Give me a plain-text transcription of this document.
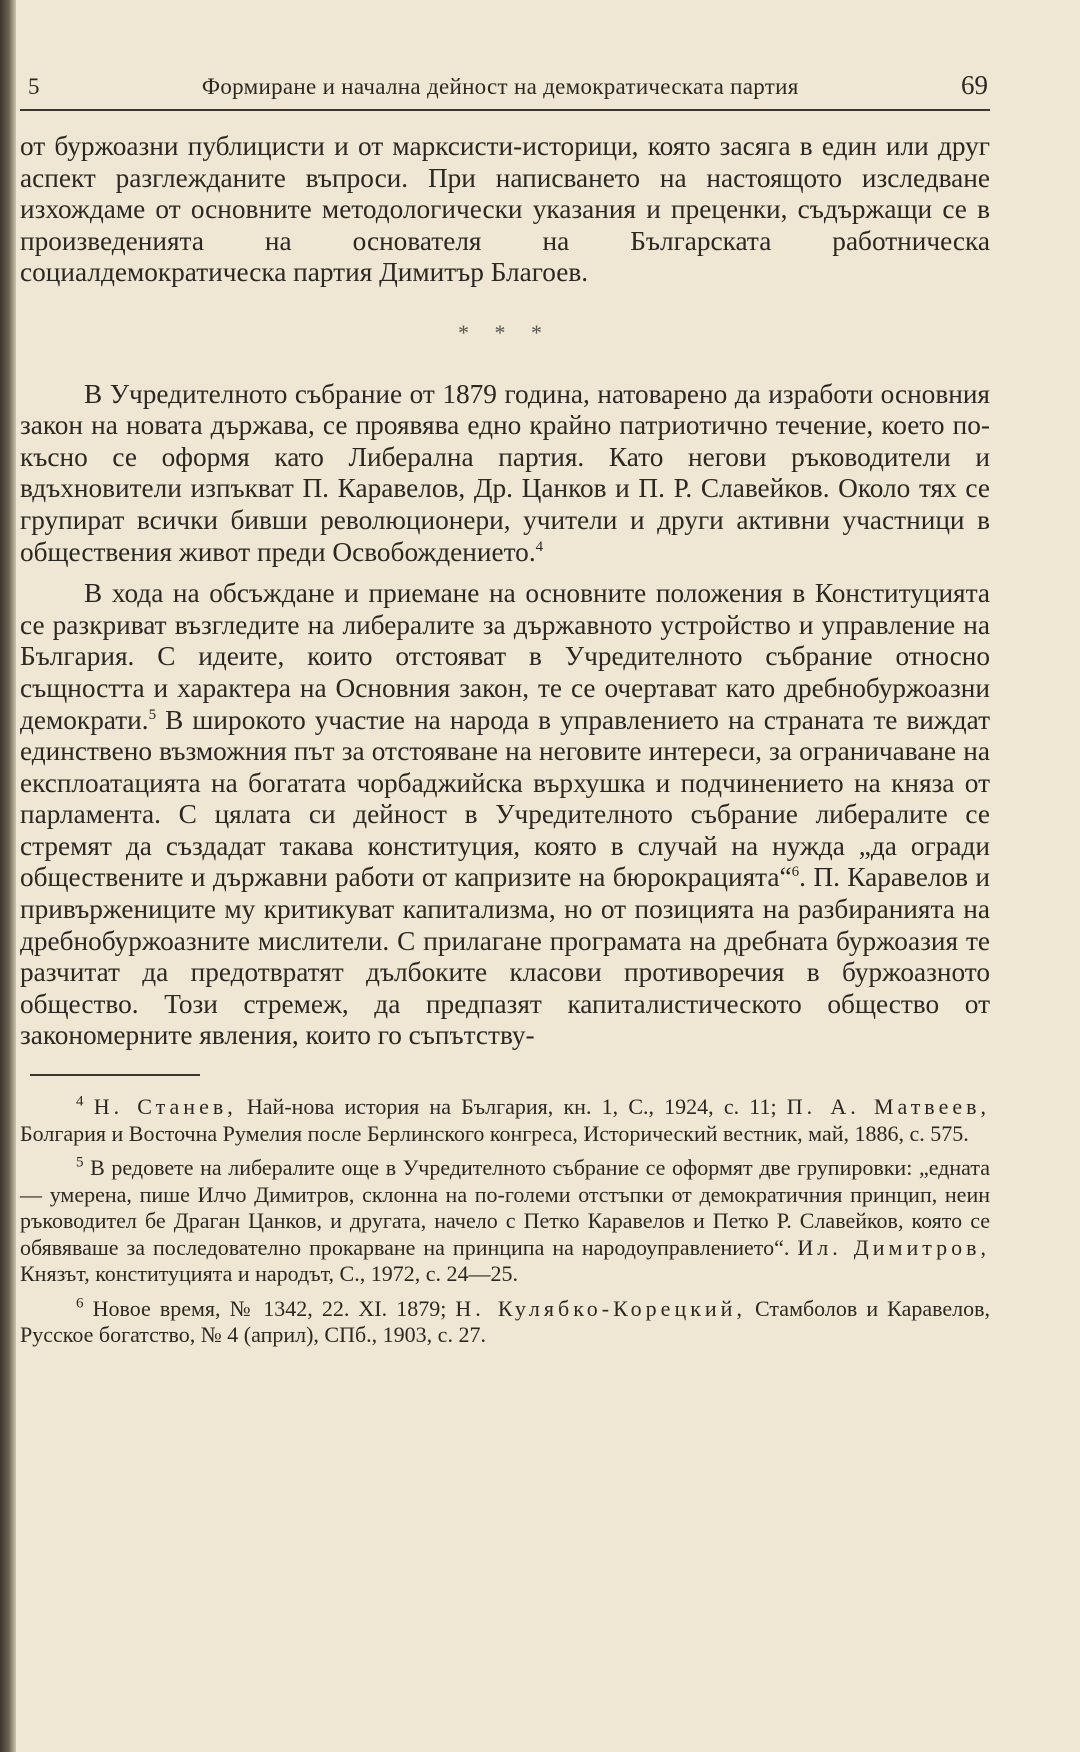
5	Формиране и начална дейност на демократическата партия	69

от буржоазни публицисти и от марксисти-историци, която засяга в един или друг аспект разглежданите въпроси. При написването на настоящото изследване изхождаме от основните методологически указания и преценки, съдържащи се в произведенията на основателя на Българската работническа социалдемократическа партия Димитър Благоев.

* * *

В Учредителното събрание от 1879 година, натоварено да изработи основния закон на новата държава, се проявява едно крайно патриотично течение, което по-късно се оформя като Либерална партия. Като негови ръководители и вдъхновители изпъкват П. Каравелов, Др. Цанков и П. Р. Славейков. Около тях се групират всички бивши революционери, учители и други активни участници в обществения живот преди Освобождението.$^4$

В хода на обсъждане и приемане на основните положения в Конституцията се разкриват възгледите на либералите за държавното устройство и управление на България. С идеите, които отстояват в Учредителното събрание относно същността и характера на Основния закон, те се очертават като дребнобуржоазни демократи.$^5$ В широкото участие на народа в управлението на страната те виждат единствено възможния път за отстояване на неговите интереси, за ограничаване на експлоатацията на богатата чорбаджийска върхушка и подчинението на княза от парламента. С цялата си дейност в Учредителното събрание либералите се стремят да създадат такава конституция, която в случай на нужда „да огради обществените и държавни работи от капризите на бюрокрацията“$^6$. П. Каравелов и привържениците му критикуват капитализма, но от позицията на разбиранията на дребнобуржоазните мислители. С прилагане програмата на дребната буржоазия те разчитат да предотвратят дълбоките класови противоречия в буржоазното общество. Този стремеж, да предпазят капиталистическото общество от закономерните явления, които го съпътству-

$^4$ Н. Станев, Най-нова история на България, кн. 1, С., 1924, с. 11; П. А. Матвеев, Болгария и Восточна Румелия после Берлинского конгреса, Исторический вестник, май, 1886, с. 575.

$^5$ В редовете на либералите още в Учредителното събрание се оформят две групировки: „едната — умерена, пише Илчо Димитров, склонна на по-големи отстъпки от демократичния принцип, неин ръководител бе Драган Цанков, и другата, начело с Петко Каравелов и Петко Р. Славейков, която се обявяваше за последователно прокарване на принципа на народоуправлението“. Ил. Димитров, Князът, конституцията и народът, С., 1972, с. 24—25.

$^6$ Новое время, № 1342, 22. XI. 1879; Н. Кулябко-Корецкий, Стамболов и Каравелов, Русское богатство, № 4 (април), СПб., 1903, с. 27.
